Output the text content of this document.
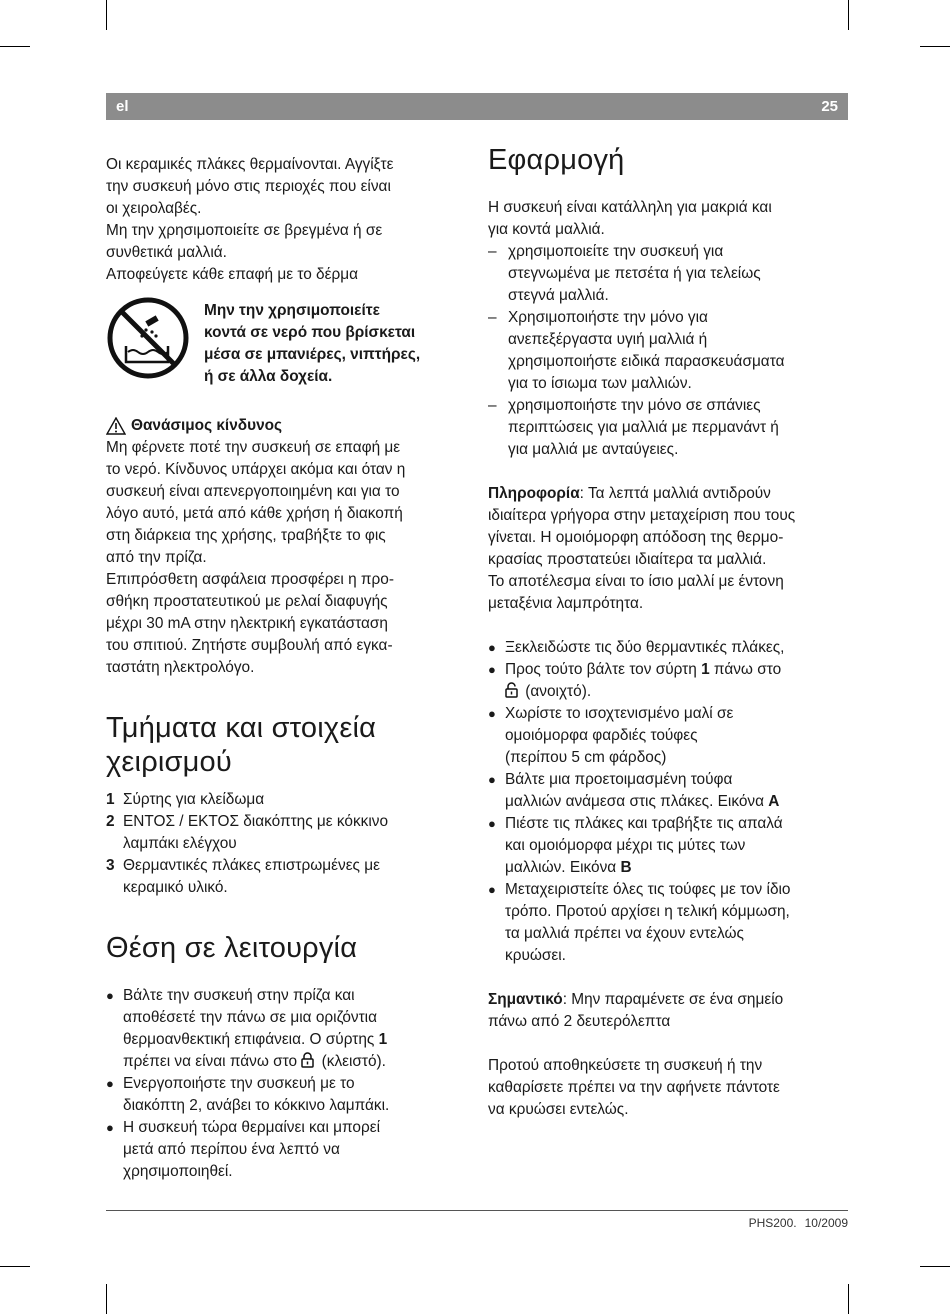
el	25
Οι κεραμικές πλάκες θερμαίνονται. Αγγίξτε
την συσκευή μόνο στις περιοχές που είναι
οι χειρολαβές.
Μη την χρησιμοποιείτε σε βρεγμένα ή σε
συνθετικά μαλλιά.
Αποφεύγετε κάθε επαφή με το δέρμα
Μην την χρησιμοποιείτε
κοντά σε νερό που βρίσκεται
μέσα σε μπανιέρες, νιπτήρες,
ή σε άλλα δοχεία.
Θανάσιμος κίνδυνος
Μη φέρνετε ποτέ την συσκευή σε επαφή με
το νερό. Κίνδυνος υπάρχει ακόμα και όταν η
συσκευή είναι απενεργοποιημένη και για το
λόγο αυτό, μετά από κάθε χρήση ή διακοπή
στη διάρκεια της χρήσης, τραβήξτε το φις
από την πρίζα.
Επιπρόσθετη ασφάλεια προσφέρει η προ-
σθήκη προστατευτικού με ρελαί διαφυγής
μέχρι 30 mA στην ηλεκτρική εγκατάσταση
του σπιτιού. Ζητήστε συμβουλή από εγκα-
ταστάτη ηλεκτρολόγο.
Τμήματα και στοιχεία
χειρισμού
1 Σύρτης για κλείδωμα
2 ΕΝΤΟΣ / ΕΚΤΟΣ διακόπτης με κόκκινο
λαμπάκι ελέγχου
3 Θερμαντικές πλάκες επιστρωμένες με
κεραμικό υλικό.
Θέση σε λειτουργία
● Βάλτε την συσκευή στην πρίζα και
αποθέσετέ την πάνω σε μια οριζόντια
θερμοανθεκτική επιφάνεια. Ο σύρτης 1
πρέπει να είναι πάνω στο  (κλειστό).
● Ενεργοποιήστε την συσκευή με το
διακόπτη 2, ανάβει το κόκκινο λαμπάκι.
● Η συσκευή τώρα θερμαίνει και μπορεί
μετά από περίπου ένα λεπτό να
χρησιμοποιηθεί.
Εφαρμογή
Η συσκευή είναι κατάλληλη για μακριά και
για κοντά μαλλιά.
– χρησιμοποιείτε την συσκευή για
στεγνωμένα με πετσέτα ή για τελείως
στεγνά μαλλιά.
– Χρησιμοποιήστε την μόνο για
ανεπεξέργαστα υγιή μαλλιά ή
χρησιμοποιήστε ειδικά παρασκευάσματα
για το ίσιωμα των μαλλιών.
– χρησιμοποιήστε την μόνο σε σπάνιες
περιπτώσεις για μαλλιά με περμανάντ ή
για μαλλιά με ανταύγειες.
Πληροφορία: Τα λεπτά μαλλιά αντιδρούν
ιδιαίτερα γρήγορα στην μεταχείριση που τους
γίνεται. Η ομοιόμορφη απόδοση της θερμο-
κρασίας προστατεύει ιδιαίτερα τα μαλλιά.
Το αποτέλεσμα είναι το ίσιο μαλλί με έντονη
μεταξένια λαμπρότητα.
● Ξεκλειδώστε τις δύο θερμαντικές πλάκες,
● Προς τούτο βάλτε τον σύρτη 1 πάνω στο
(ανοιχτό).
● Χωρίστε το ισοχτενισμένο μαλί σε
ομοιόμορφα φαρδιές τούφες
(περίπου 5 cm φάρδος)
● Βάλτε μια προετοιμασμένη τούφα
μαλλιών ανάμεσα στις πλάκες. Εικόνα A
● Πιέστε τις πλάκες και τραβήξτε τις απαλά
και ομοιόμορφα μέχρι τις μύτες των
μαλλιών. Εικόνα B
● Μεταχειριστείτε όλες τις τούφες με τον ίδιο
τρόπο. Προτού αρχίσει η τελική κόμμωση,
τα μαλλιά πρέπει να έχουν εντελώς
κρυώσει.
Σημαντικό: Μην παραμένετε σε ένα σημείο
πάνω από 2 δευτερόλεπτα
Προτού αποθηκεύσετε τη συσκευή ή την
καθαρίσετε πρέπει να την αφήνετε πάντοτε
να κρυώσει εντελώς.
PHS200. 10/2009
